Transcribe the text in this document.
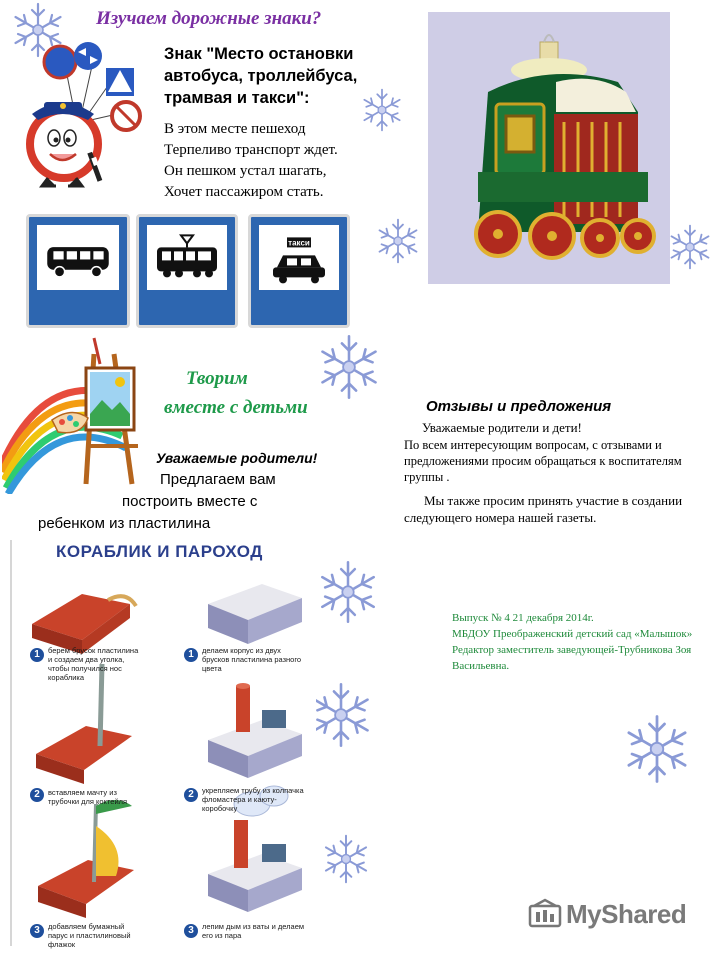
Изучаем дорожные знаки?
Знак "Место остановки
автобуса, троллейбуса,
трамвая и такси":
В этом месте пешеход
Терпеливо транспорт ждет.
Он пешком устал шагать,
Хочет пассажиром стать.
такси
Творим
вместе с детьми
Уважаемые родители!
Предлагаем вам
построить вместе с
ребенком из пластилина
Отзывы и предложения
Уважаемые родители и дети!
По всем интересующим вопросам, с отзывами и предложениями просим обращаться к воспитателям группы .
Мы также просим принять участие в создании следующего номера нашей газеты.
КОРАБЛИК И ПАРОХОД
1	берем брусок пластилина и создаем два уголка, чтобы получился нос кораблика
2	вставляем мачту из трубочки для коктейля
3	добавляем бумажный парус и пластилиновый флажок
1	делаем корпус из двух брусков пластилина разного цвета
2	укрепляем трубу из колпачка фломастера и каюту-коробочку
3	лепим дым из ваты и делаем его из пара
Выпуск № 4 21 декабря 2014г.
МБДОУ Преображенский детский сад «Малышок» Редактор заместитель заведующей-Трубникова Зоя Васильевна.
MyShared
